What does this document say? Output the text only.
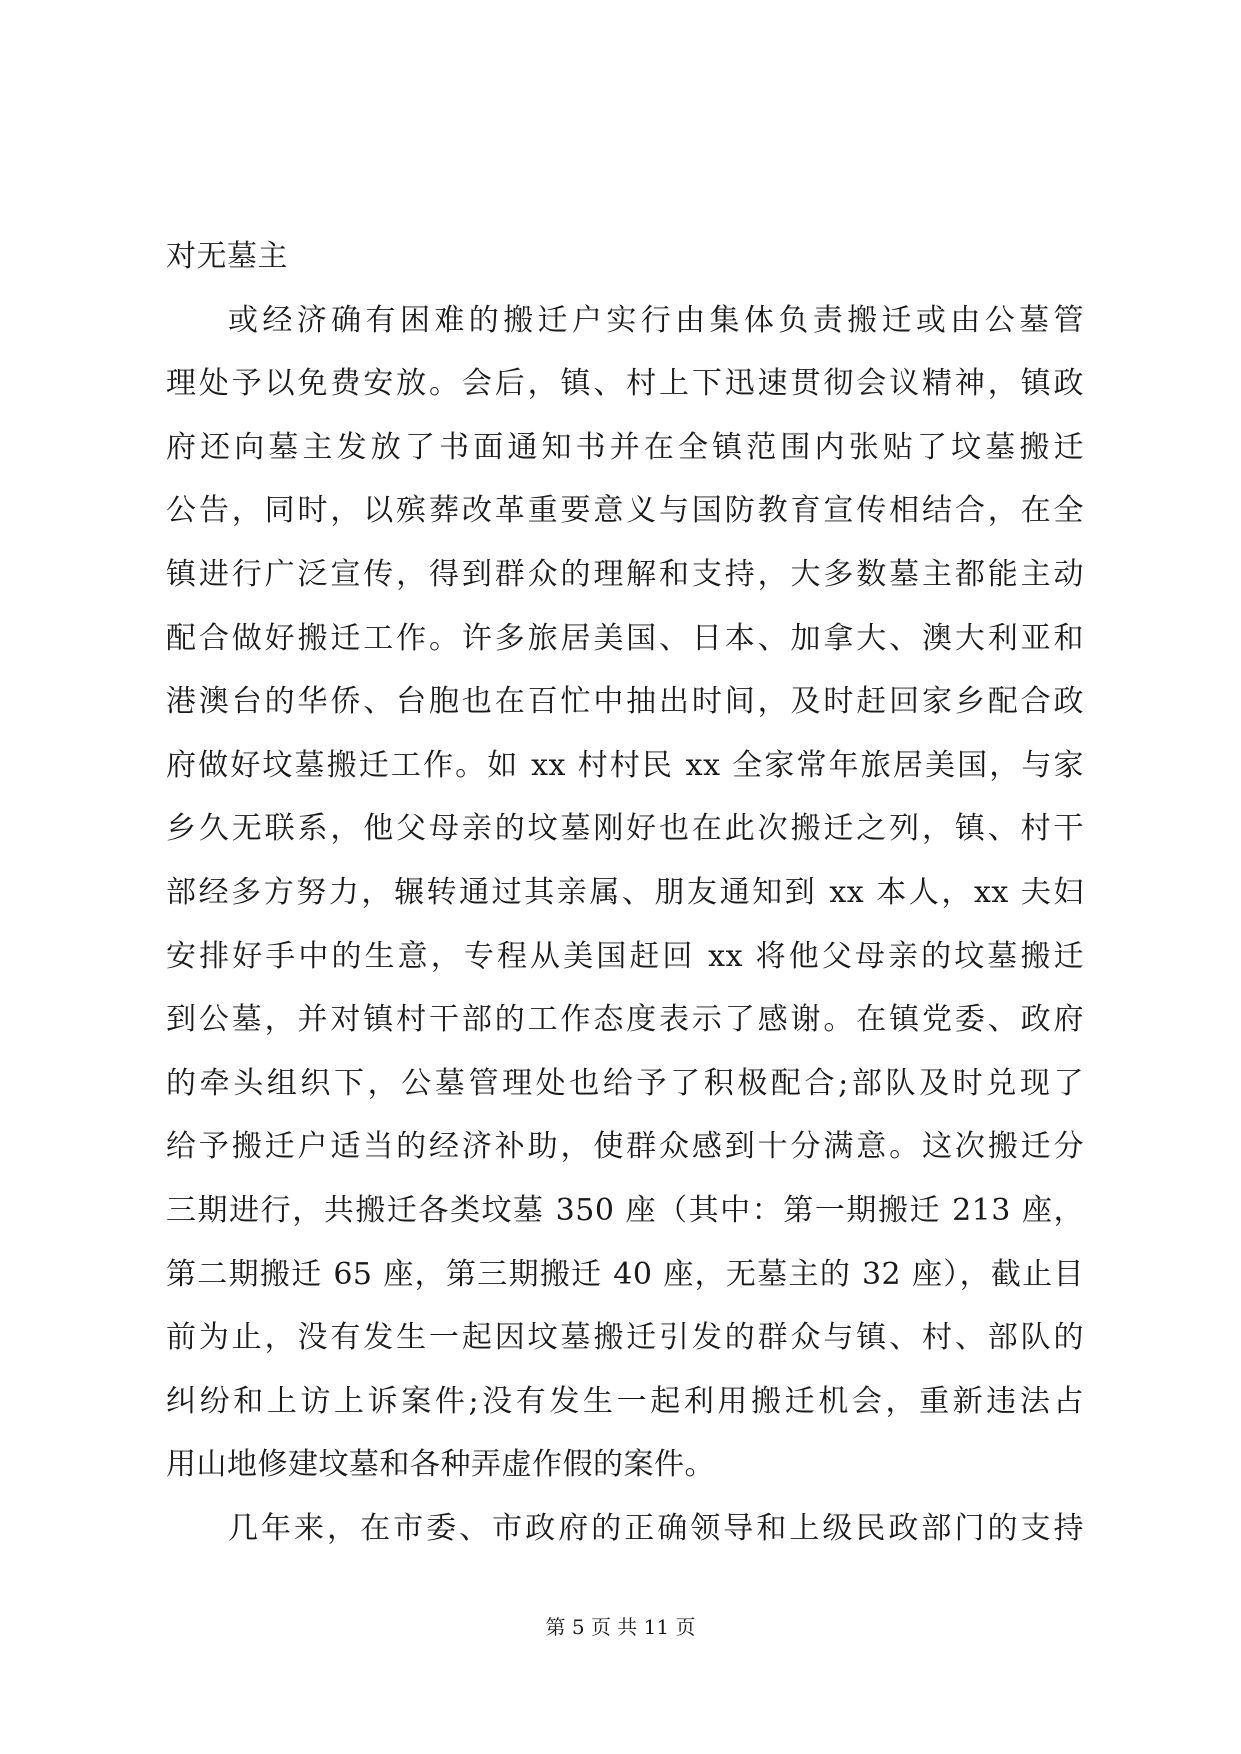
对无墓主
或经济确有困难的搬迁户实行由集体负责搬迁或由公墓管
理处予以免费安放。会后，镇、村上下迅速贯彻会议精神，镇政
府还向墓主发放了书面通知书并在全镇范围内张贴了坟墓搬迁
公告，同时，以殡葬改革重要意义与国防教育宣传相结合，在全
镇进行广泛宣传，得到群众的理解和支持，大多数墓主都能主动
配合做好搬迁工作。许多旅居美国、日本、加拿大、澳大利亚和
港澳台的华侨、台胞也在百忙中抽出时间，及时赶回家乡配合政
府做好坟墓搬迁工作。如 xx 村村民 xx 全家常年旅居美国，与家
乡久无联系，他父母亲的坟墓刚好也在此次搬迁之列，镇、村干
部经多方努力，辗转通过其亲属、朋友通知到 xx 本人，xx 夫妇
安排好手中的生意，专程从美国赶回 xx 将他父母亲的坟墓搬迁
到公墓，并对镇村干部的工作态度表示了感谢。在镇党委、政府
的牵头组织下，公墓管理处也给予了积极配合;部队及时兑现了
给予搬迁户适当的经济补助，使群众感到十分满意。这次搬迁分
三期进行，共搬迁各类坟墓 350 座（其中：第一期搬迁 213 座，
第二期搬迁 65 座，第三期搬迁 40 座，无墓主的 32 座），截止目
前为止，没有发生一起因坟墓搬迁引发的群众与镇、村、部队的
纠纷和上访上诉案件;没有发生一起利用搬迁机会，重新违法占
用山地修建坟墓和各种弄虚作假的案件。
几年来，在市委、市政府的正确领导和上级民政部门的支持
第 5 页 共 11 页
